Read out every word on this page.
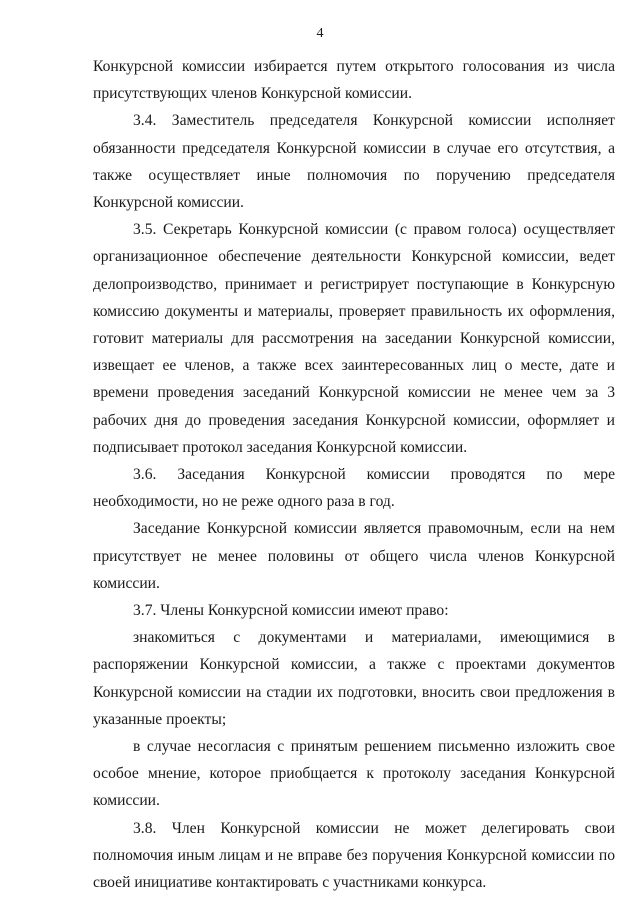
4

Конкурсной комиссии избирается путем открытого голосования из числа присутствующих членов Конкурсной комиссии.

3.4. Заместитель председателя Конкурсной комиссии исполняет обязанности председателя Конкурсной комиссии в случае его отсутствия, а также осуществляет иные полномочия по поручению председателя Конкурсной комиссии.

3.5. Секретарь Конкурсной комиссии (с правом голоса) осуществляет организационное обеспечение деятельности Конкурсной комиссии, ведет делопроизводство, принимает и регистрирует поступающие в Конкурсную комиссию документы и материалы, проверяет правильность их оформления, готовит материалы для рассмотрения на заседании Конкурсной комиссии, извещает ее членов, а также всех заинтересованных лиц о месте, дате и времени проведения заседаний Конкурсной комиссии не менее чем за 3 рабочих дня до проведения заседания Конкурсной комиссии, оформляет и подписывает протокол заседания Конкурсной комиссии.

3.6. Заседания Конкурсной комиссии проводятся по мере необходимости, но не реже одного раза в год.

Заседание Конкурсной комиссии является правомочным, если на нем присутствует не менее половины от общего числа членов Конкурсной комиссии.

3.7. Члены Конкурсной комиссии имеют право:

знакомиться с документами и материалами, имеющимися в распоряжении Конкурсной комиссии, а также с проектами документов Конкурсной комиссии на стадии их подготовки, вносить свои предложения в указанные проекты;

в случае несогласия с принятым решением письменно изложить свое особое мнение, которое приобщается к протоколу заседания Конкурсной комиссии.

3.8. Член Конкурсной комиссии не может делегировать свои полномочия иным лицам и не вправе без поручения Конкурсной комиссии по своей инициативе контактировать с участниками конкурса.
